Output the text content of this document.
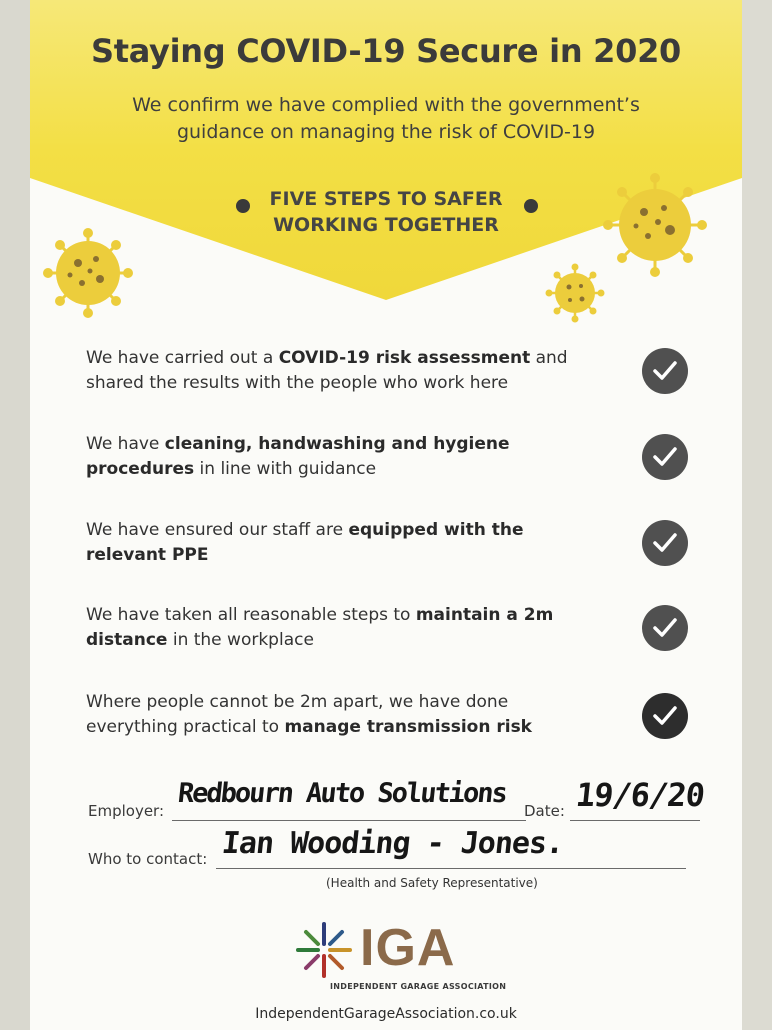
Staying COVID-19 Secure in 2020
We confirm we have complied with the government’s
guidance on managing the risk of COVID-19
FIVE STEPS TO SAFER
WORKING TOGETHER
We have carried out a COVID-19 risk assessment and
shared the results with the people who work here
We have cleaning, handwashing and hygiene
procedures in line with guidance
We have ensured our staff are equipped with the
relevant PPE
We have taken all reasonable steps to maintain a 2m
distance in the workplace
Where people cannot be 2m apart, we have done
everything practical to manage transmission risk
Employer:
Redbourn Auto Solutions
Date: 19/6/20
Who to contact: Ian Wooding - Jones.
(Health and Safety Representative)
IGA
INDEPENDENT GARAGE ASSOCIATION
IndependentGarageAssociation.co.uk
